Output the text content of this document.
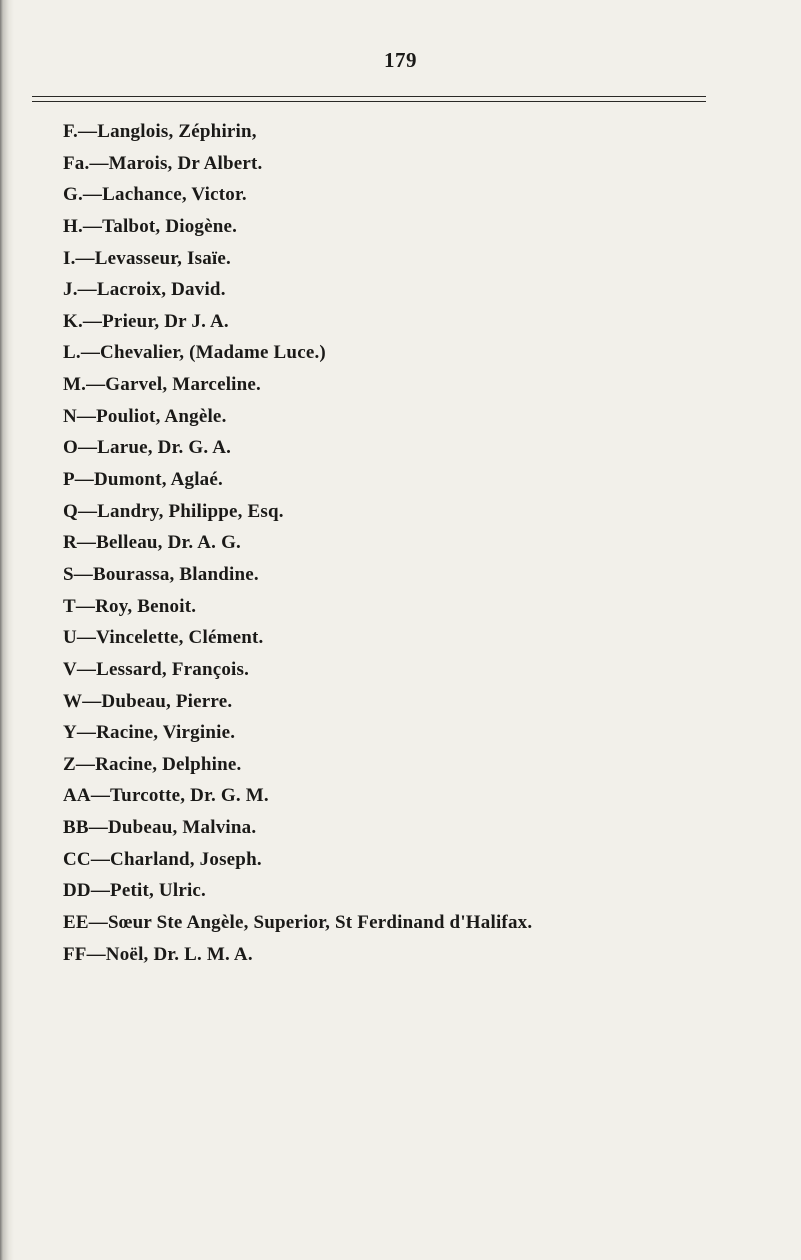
179
F.—Langlois, Zéphirin,
Fa.—Marois, Dr Albert.
G.—Lachance, Victor.
H.—Talbot, Diogène.
I.—Levasseur, Isaïe.
J.—Lacroix, David.
K.—Prieur, Dr J. A.
L.—Chevalier, (Madame Luce.)
M.—Garvel, Marceline.
N—Pouliot, Angèle.
O—Larue, Dr. G. A.
P—Dumont, Aglaé.
Q—Landry, Philippe, Esq.
R—Belleau, Dr. A. G.
S—Bourassa, Blandine.
T—Roy, Benoit.
U—Vincelette, Clément.
V—Lessard, François.
W—Dubeau, Pierre.
Y—Racine, Virginie.
Z—Racine, Delphine.
AA—Turcotte, Dr. G. M.
BB—Dubeau, Malvina.
CC—Charland, Joseph.
DD—Petit, Ulric.
EE—Sœur Ste Angèle, Superior, St Ferdinand d'Halifax.
FF—Noël, Dr. L. M. A.
